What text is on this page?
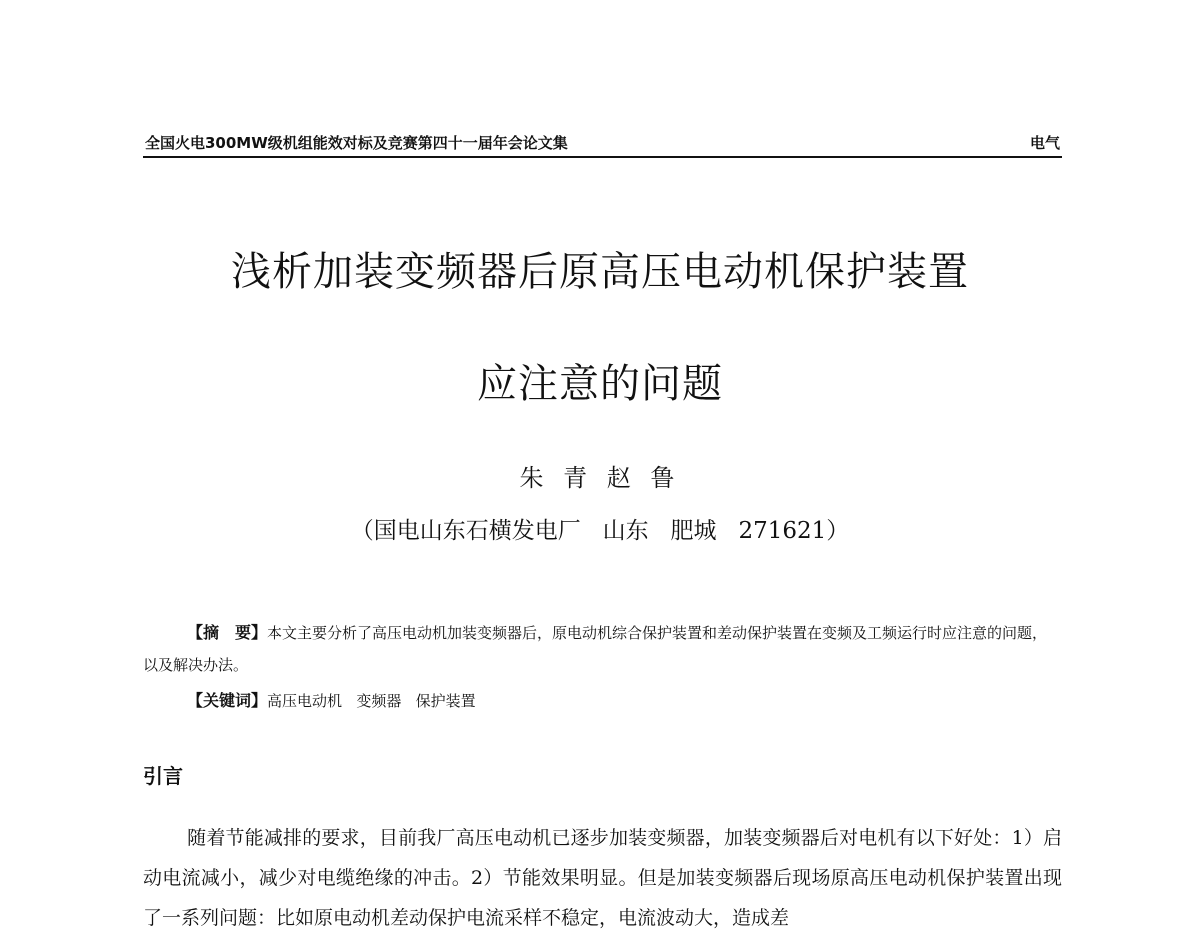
全国火电300MW级机组能效对标及竞赛第四十一届年会论文集	电气
浅析加装变频器后原高压电动机保护装置
应注意的问题
朱 青 赵 鲁
（国电山东石横发电厂   山东   肥城   271621）
【摘　要】本文主要分析了高压电动机加装变频器后，原电动机综合保护装置和差动保护装置在变频及工频运行时应注意的问题，以及解决办法。
【关键词】高压电动机   变频器   保护装置
引言
随着节能减排的要求，目前我厂高压电动机已逐步加装变频器，加装变频器后对电机有以下好处：1）启动电流减小，减少对电缆绝缘的冲击。2）节能效果明显。但是加装变频器后现场原高压电动机保护装置出现了一系列问题：比如原电动机差动保护电流采样不稳定，电流波动大，造成差
